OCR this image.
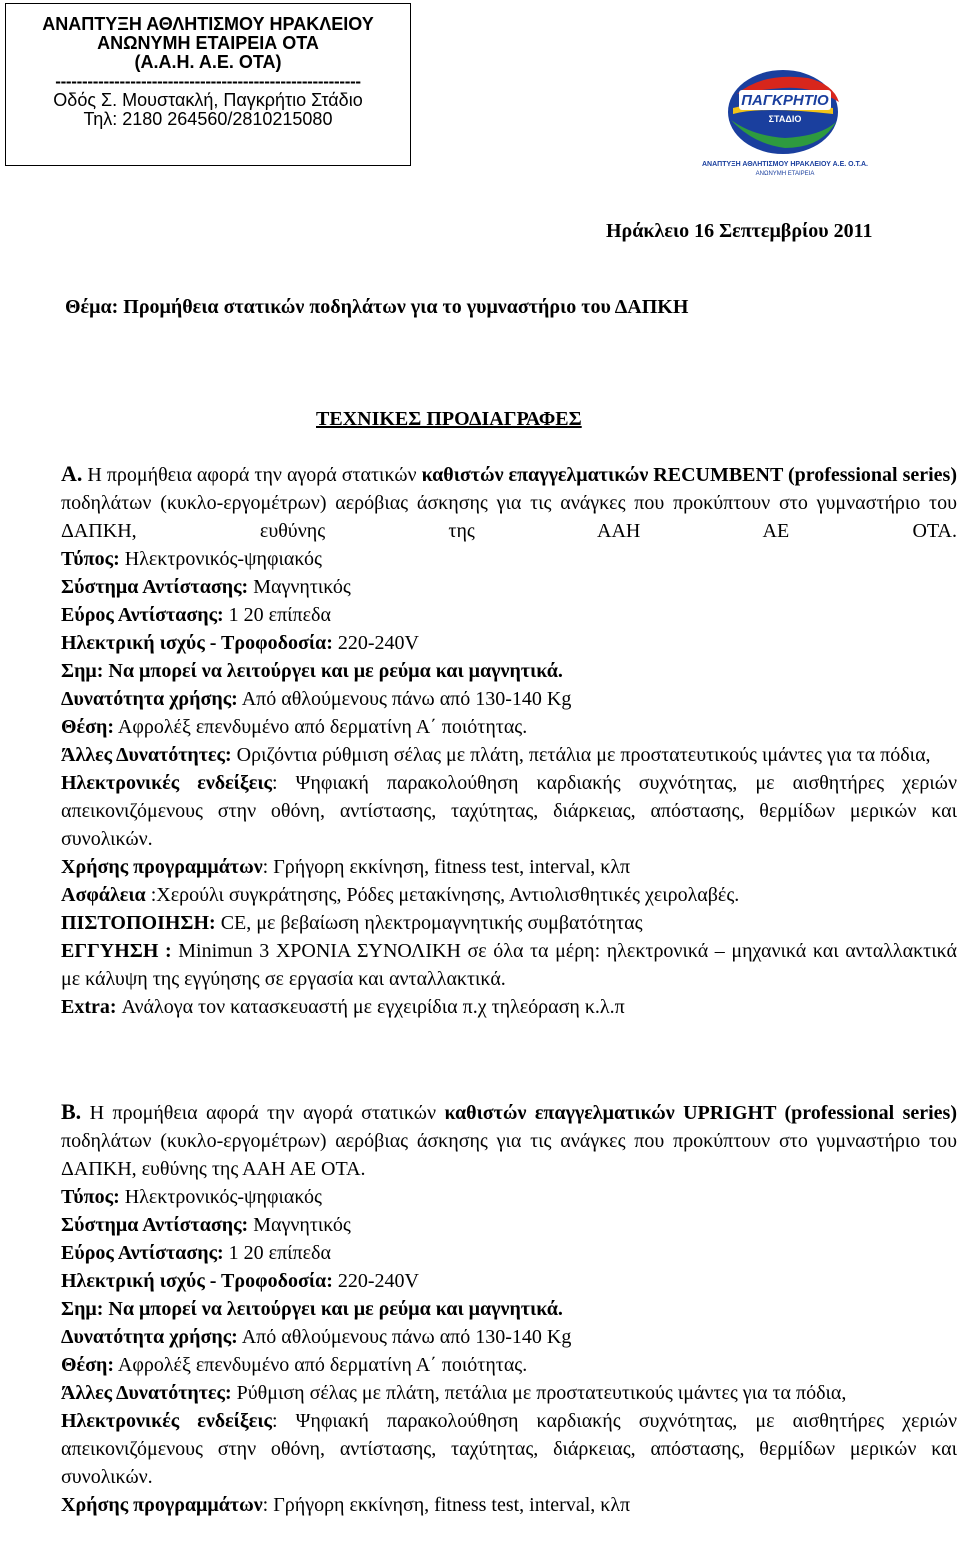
ΑΝΑΠΤΥΞΗ ΑΘΛΗΤΙΣΜΟΥ ΗΡΑΚΛΕΙΟΥ
ΑΝΩΝΥΜΗ ΕΤΑΙΡΕΙΑ ΟΤΑ
(Α.Α.Η. Α.Ε. ΟΤΑ)
---------------------------------------------------------
Οδός Σ. Μουστακλή, Παγκρήτιο Στάδιο
Τηλ: 2180 264560/2810215080
ΠΑΓΚΡΗΤΙΟ
ΣΤΑΔΙΟ
ΑΝΑΠΤΥΞΗ ΑΘΛΗΤΙΣΜΟΥ ΗΡΑΚΛΕΙΟΥ Α.Ε. Ο.Τ.Α.
ΑΝΩΝΥΜΗ ΕΤΑΙΡΕΙΑ
Ηράκλειο 16 Σεπτεμβρίου 2011
Θέμα: Προμήθεια στατικών ποδηλάτων για το γυμναστήριο του ΔΑΠΚΗ
ΤΕΧΝΙΚΕΣ ΠΡΟΔΙΑΓΡΑΦΕΣ

Α. Η προμήθεια αφορά την αγορά στατικών καθιστών επαγγελματικών RECUMBENT (professional series) ποδηλάτων (κυκλο-εργομέτρων) αερόβιας άσκησης για τις ανάγκες που προκύπτουν στο γυμναστήριο του ΔΑΠΚΗ, ευθύνης της ΑΑΗ ΑΕ ΟΤΑ.

Τύπος: Ηλεκτρονικός-ψηφιακός

Σύστημα Αντίστασης: Μαγνητικός

Εύρος Αντίστασης: 1 20 επίπεδα

Ηλεκτρική ισχύς - Τροφοδοσία: 220-240V

Σημ: Να μπορεί να λειτούργει και με ρεύμα και μαγνητικά.

Δυνατότητα χρήσης: Από αθλούμενους πάνω από 130-140 Kg

Θέση: Αφρολέξ επενδυμένο από δερματίνη Α΄ ποιότητας.

Άλλες Δυνατότητες: Οριζόντια ρύθμιση σέλας με πλάτη, πετάλια με προστατευτικούς ιμάντες για τα πόδια,

Ηλεκτρονικές ενδείξεις: Ψηφιακή παρακολούθηση καρδιακής συχνότητας, με αισθητήρες χεριών απεικονιζόμενους στην οθόνη, αντίστασης, ταχύτητας, διάρκειας, απόστασης, θερμίδων μερικών και συνολικών.

Χρήσης προγραμμάτων: Γρήγορη εκκίνηση, fitness test, interval, κλπ

Ασφάλεια :Χερούλι συγκράτησης, Ρόδες μετακίνησης, Αντιολισθητικές χειρολαβές.

ΠΙΣΤΟΠΟΙΗΣΗ: CE, με βεβαίωση ηλεκτρομαγνητικής συμβατότητας

ΕΓΓΥΗΣΗ : Minimun 3 ΧΡΟΝΙΑ ΣΥΝΟΛΙΚΗ σε όλα τα μέρη: ηλεκτρονικά – μηχανικά και ανταλλακτικά με κάλυψη της εγγύησης σε εργασία και ανταλλακτικά.

Extra: Ανάλογα τον κατασκευαστή με εγχειρίδια π.χ τηλεόραση κ.λ.π

Β. Η προμήθεια αφορά την αγορά στατικών καθιστών επαγγελματικών UPRIGHT (professional series) ποδηλάτων (κυκλο-εργομέτρων) αερόβιας άσκησης για τις ανάγκες που προκύπτουν στο γυμναστήριο του ΔΑΠΚΗ, ευθύνης της ΑΑΗ ΑΕ ΟΤΑ.

Τύπος: Ηλεκτρονικός-ψηφιακός

Σύστημα Αντίστασης: Μαγνητικός

Εύρος Αντίστασης: 1 20 επίπεδα

Ηλεκτρική ισχύς - Τροφοδοσία: 220-240V

Σημ: Να μπορεί να λειτούργει και με ρεύμα και μαγνητικά.

Δυνατότητα χρήσης: Από αθλούμενους πάνω από 130-140 Kg

Θέση: Αφρολέξ επενδυμένο από δερματίνη Α΄ ποιότητας.

Άλλες Δυνατότητες: Ρύθμιση σέλας με πλάτη, πετάλια με προστατευτικούς ιμάντες για τα πόδια,

Ηλεκτρονικές ενδείξεις: Ψηφιακή παρακολούθηση καρδιακής συχνότητας, με αισθητήρες χεριών απεικονιζόμενους στην οθόνη, αντίστασης, ταχύτητας, διάρκειας, απόστασης, θερμίδων μερικών και συνολικών.

Χρήσης προγραμμάτων: Γρήγορη εκκίνηση, fitness test, interval, κλπ
